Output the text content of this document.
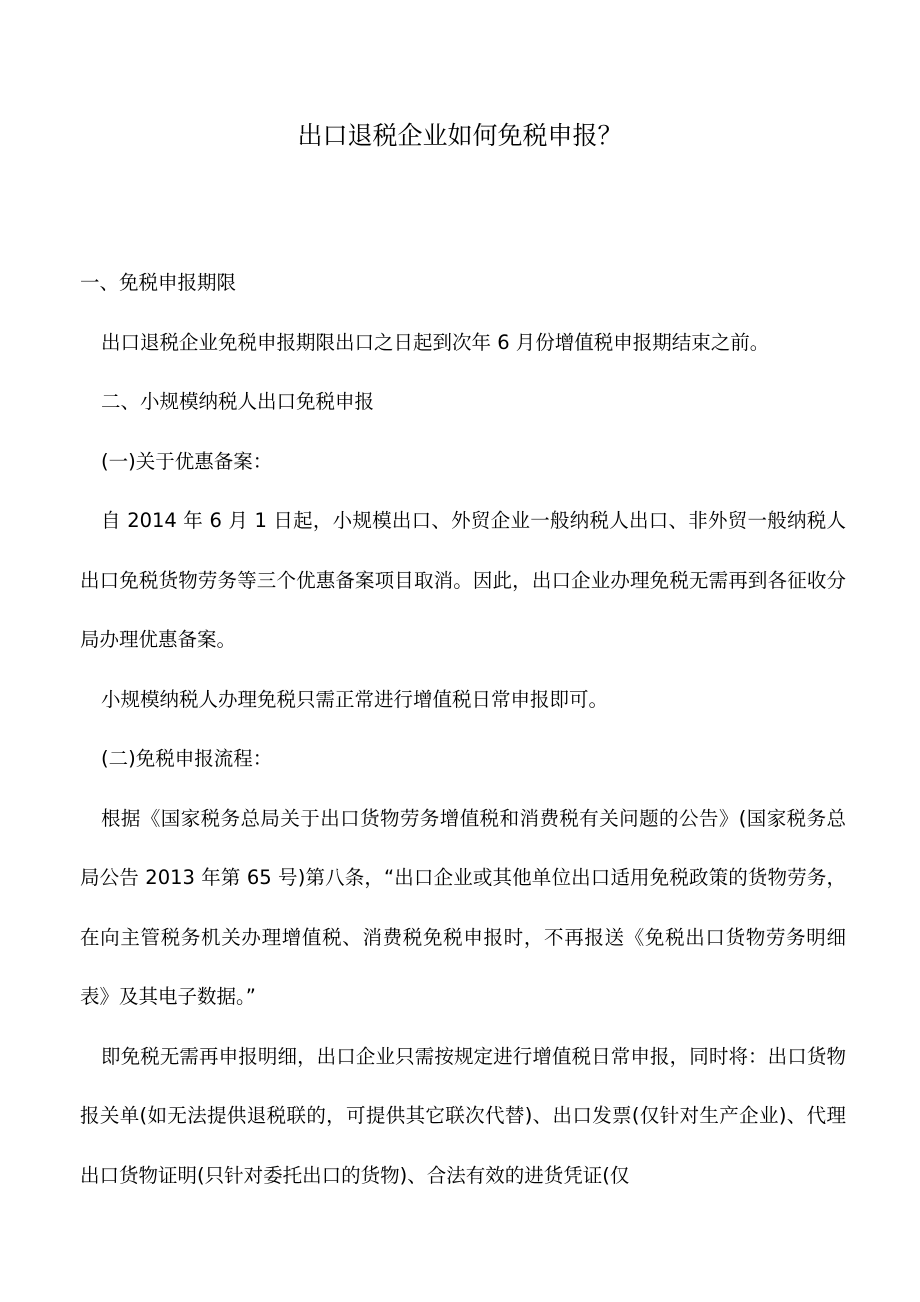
出口退税企业如何免税申报？

一、免税申报期限

出口退税企业免税申报期限出口之日起到次年 6 月份增值税申报期结束之前。

二、小规模纳税人出口免税申报

(一)关于优惠备案：

自 2014 年 6 月 1 日起，小规模出口、外贸企业一般纳税人出口、非外贸一般纳税人出口免税货物劳务等三个优惠备案项目取消。因此，出口企业办理免税无需再到各征收分局办理优惠备案。

小规模纳税人办理免税只需正常进行增值税日常申报即可。

(二)免税申报流程：

根据《国家税务总局关于出口货物劳务增值税和消费税有关问题的公告》(国家税务总局公告 2013 年第 65 号)第八条，“出口企业或其他单位出口适用免税政策的货物劳务，在向主管税务机关办理增值税、消费税免税申报时，不再报送《免税出口货物劳务明细表》及其电子数据。”

即免税无需再申报明细，出口企业只需按规定进行增值税日常申报，同时将：出口货物报关单(如无法提供退税联的，可提供其它联次代替)、出口发票(仅针对生产企业)、代理出口货物证明(只针对委托出口的货物)、合法有效的进货凭证(仅
